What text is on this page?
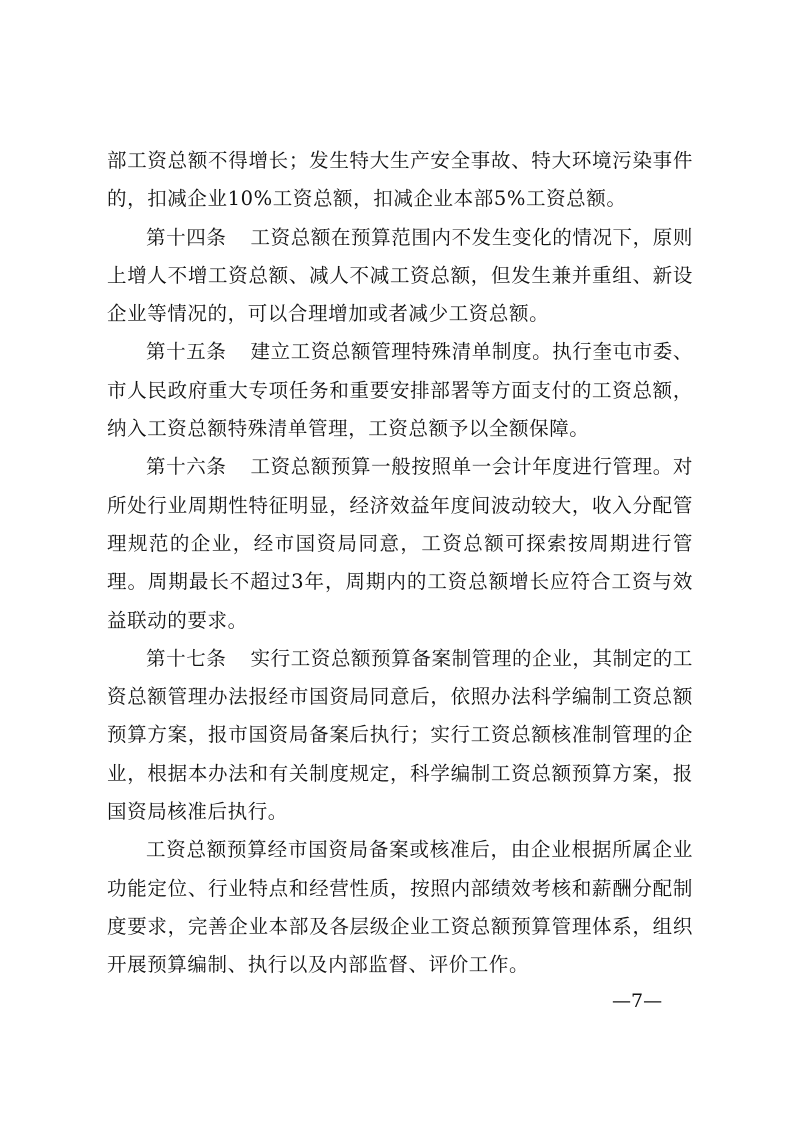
部工资总额不得增长；发生特大生产安全事故、特大环境污染事件的，扣减企业10%工资总额，扣减企业本部5%工资总额。

第十四条 工资总额在预算范围内不发生变化的情况下，原则上增人不增工资总额、减人不减工资总额，但发生兼并重组、新设企业等情况的，可以合理增加或者减少工资总额。

第十五条 建立工资总额管理特殊清单制度。执行奎屯市委、市人民政府重大专项任务和重要安排部署等方面支付的工资总额，纳入工资总额特殊清单管理，工资总额予以全额保障。

第十六条 工资总额预算一般按照单一会计年度进行管理。对所处行业周期性特征明显，经济效益年度间波动较大，收入分配管理规范的企业，经市国资局同意，工资总额可探索按周期进行管理。周期最长不超过3年，周期内的工资总额增长应符合工资与效益联动的要求。

第十七条 实行工资总额预算备案制管理的企业，其制定的工资总额管理办法报经市国资局同意后，依照办法科学编制工资总额预算方案，报市国资局备案后执行；实行工资总额核准制管理的企业，根据本办法和有关制度规定，科学编制工资总额预算方案，报国资局核准后执行。

工资总额预算经市国资局备案或核准后，由企业根据所属企业功能定位、行业特点和经营性质，按照内部绩效考核和薪酬分配制度要求，完善企业本部及各层级企业工资总额预算管理体系，组织开展预算编制、执行以及内部监督、评价工作。

—7—
